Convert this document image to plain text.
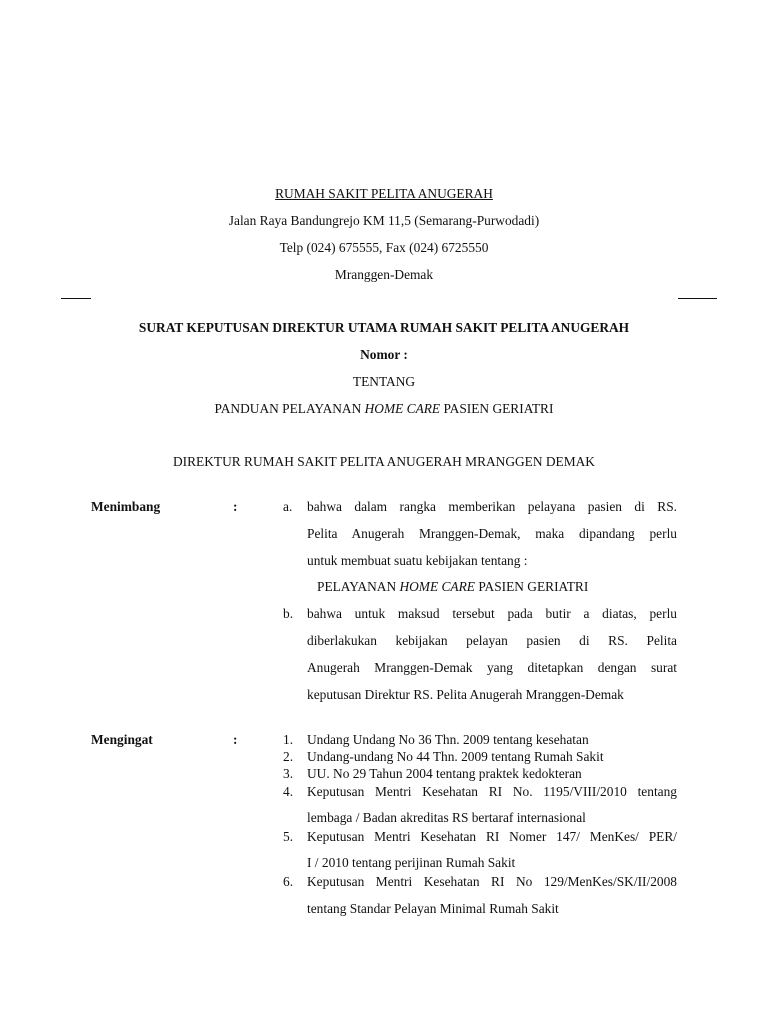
RUMAH SAKIT PELITA ANUGERAH
Jalan Raya Bandungrejo KM 11,5 (Semarang-Purwodadi)
Telp (024) 675555, Fax (024) 6725550
Mranggen-Demak
SURAT KEPUTUSAN DIREKTUR UTAMA RUMAH SAKIT PELITA ANUGERAH
Nomor :
TENTANG
PANDUAN PELAYANAN HOME CARE PASIEN GERIATRI
DIREKTUR RUMAH SAKIT PELITA ANUGERAH MRANGGEN DEMAK
Menimbang	:	a. bahwa dalam rangka memberikan pelayana pasien di RS.
Pelita Anugerah Mranggen-Demak, maka dipandang perlu
untuk membuat suatu kebijakan tentang :
PELAYANAN HOME CARE PASIEN GERIATRI
b. bahwa untuk maksud tersebut pada butir a diatas, perlu
diberlakukan kebijakan pelayan pasien di RS. Pelita
Anugerah Mranggen-Demak yang ditetapkan dengan surat
keputusan Direktur RS. Pelita Anugerah Mranggen-Demak
Mengingat	:	1. Undang Undang No 36 Thn. 2009 tentang kesehatan
2. Undang-undang No 44 Thn. 2009 tentang Rumah Sakit
3. UU. No 29 Tahun 2004 tentang praktek kedokteran
4. Keputusan Mentri Kesehatan RI No. 1195/VIII/2010 tentang
lembaga / Badan akreditas RS bertaraf internasional
5. Keputusan Mentri Kesehatan RI Nomer 147/ MenKes/ PER/
I / 2010 tentang perijinan Rumah Sakit
6. Keputusan Mentri Kesehatan RI No 129/MenKes/SK/II/2008
tentang Standar Pelayan Minimal Rumah Sakit
